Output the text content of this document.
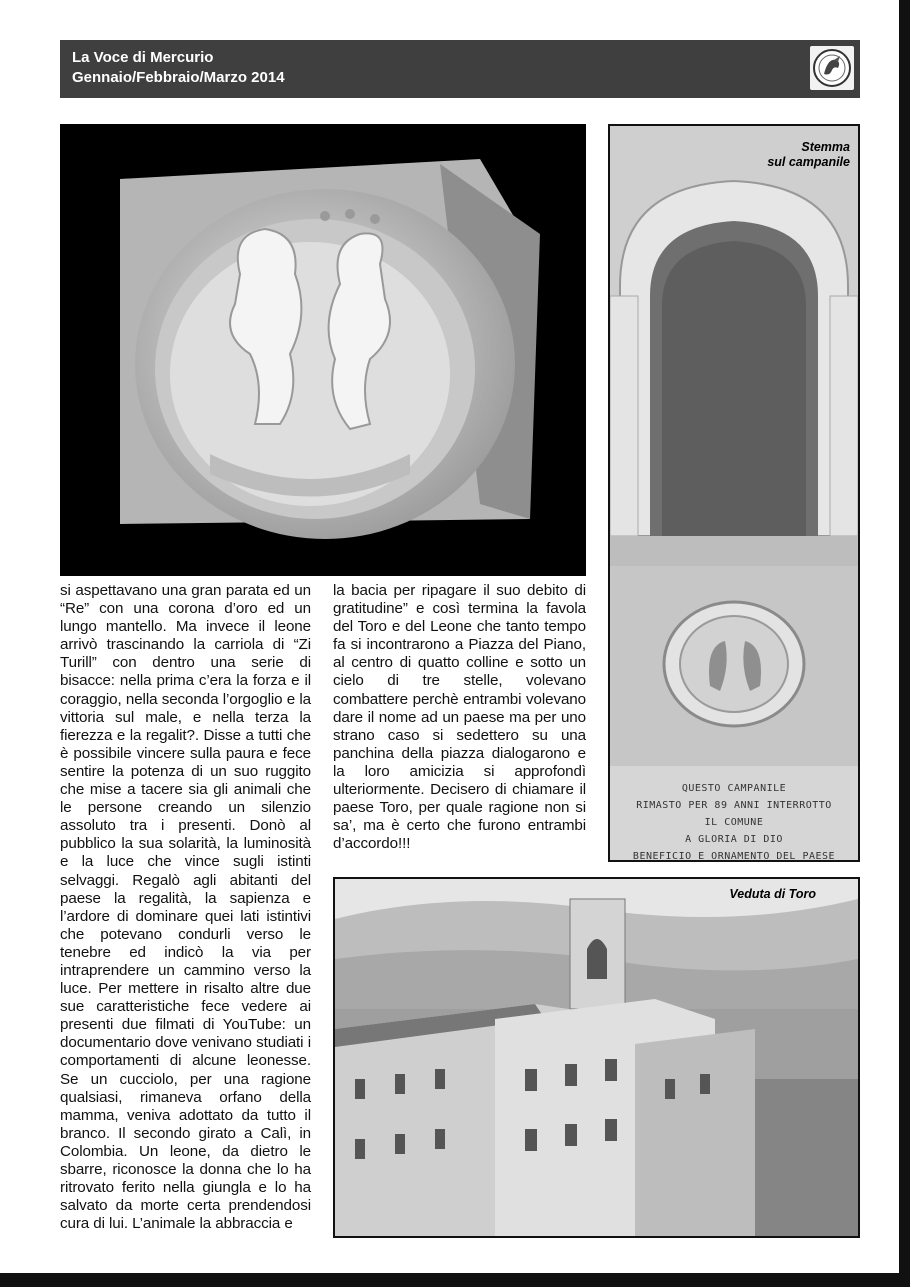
La Voce di Mercurio
Gennaio/Febbraio/Marzo 2014
Stemma
sul campanile
QUESTO CAMPANILE
RIMASTO PER 89 ANNI INTERROTTO
IL COMUNE
A GLORIA DI DIO
BENEFICIO E ORNAMENTO DEL PAESE
Veduta di Toro
si aspettavano una gran parata ed un “Re” con una corona d’oro ed un lungo mantello. Ma invece il leone arrivò trascinando la carriola di “Zi Turill” con dentro una serie di bisacce: nella prima c’era la forza e il coraggio, nella seconda l’orgoglio e la vittoria sul male, e nella terza la fierezza e la regalit?. Disse a tutti che è possibile vincere sulla paura e fece sentire la potenza di un suo ruggito che mise a tacere sia gli animali che le persone creando un silenzio assoluto tra i presenti. Donò al pubblico la sua solarità, la luminosità e la luce che vince sugli istinti selvaggi. Regalò agli abitanti del paese la regalità, la sapienza e l’ardore di dominare quei lati istintivi che potevano condurli verso le tenebre ed indicò la via per intraprendere un cammino verso la luce. Per mettere in risalto altre due sue caratteristiche fece vedere ai presenti due filmati di YouTube: un documentario dove venivano studiati i comportamenti di alcune leonesse. Se un cucciolo, per una ragione qualsiasi, rimaneva orfano della mamma, veniva adottato da tutto il branco. Il secondo girato a Calì, in Colombia. Un leone, da dietro le sbarre, riconosce la donna che lo ha ritrovato ferito nella giungla e lo ha salvato da morte certa prendendosi cura di lui. L’animale la abbraccia e
la bacia per ripagare il suo debito di gratitudine” e così termina la favola del Toro e del Leone che tanto tempo fa si incontrarono a Piazza del Piano, al centro di quatto colline e sotto un cielo di tre stelle, volevano combattere perchè entrambi volevano dare il nome ad un paese ma per uno strano caso si sedettero su una panchina della piazza dialogarono e la loro amicizia si approfondì ulteriormente. Decisero di chiamare il paese Toro, per quale ragione non si sa’, ma è certo che furono entrambi d’accordo!!!
